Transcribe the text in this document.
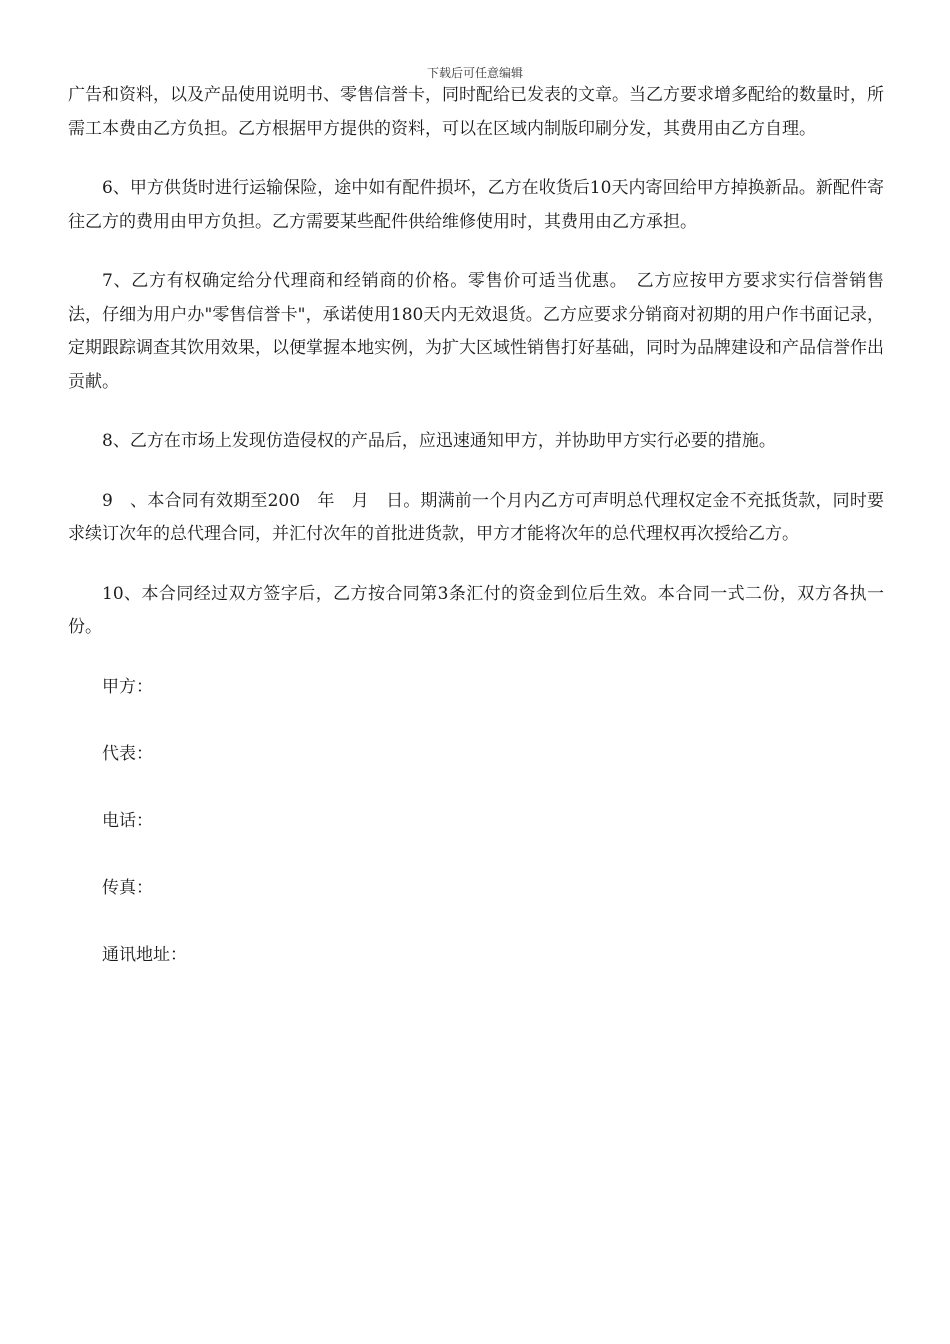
下载后可任意编辑

广告和资料，以及产品使用说明书、零售信誉卡，同时配给已发表的文章。当乙方要求增多配给的数量时，所需工本费由乙方负担。乙方根据甲方提供的资料，可以在区域内制版印刷分发，其费用由乙方自理。

6、甲方供货时进行运输保险，途中如有配件损坏，乙方在收货后10天内寄回给甲方掉换新品。新配件寄往乙方的费用由甲方负担。乙方需要某些配件供给维修使用时，其费用由乙方承担。

7、乙方有权确定给分代理商和经销商的价格。零售价可适当优惠。　乙方应按甲方要求实行信誉销售法，仔细为用户办"零售信誉卡"，承诺使用180天内无效退货。乙方应要求分销商对初期的用户作书面记录，定期跟踪调查其饮用效果，以便掌握本地实例，为扩大区域性销售打好基础，同时为品牌建设和产品信誉作出贡献。

8、乙方在市场上发现仿造侵权的产品后，应迅速通知甲方，并协助甲方实行必要的措施。

9　、本合同有效期至200　年　月　日。期满前一个月内乙方可声明总代理权定金不充抵货款，同时要求续订次年的总代理合同，并汇付次年的首批进货款，甲方才能将次年的总代理权再次授给乙方。

10、本合同经过双方签字后，乙方按合同第3条汇付的资金到位后生效。本合同一式二份，双方各执一份。

甲方：

代表：

电话：

传真：

通讯地址：
